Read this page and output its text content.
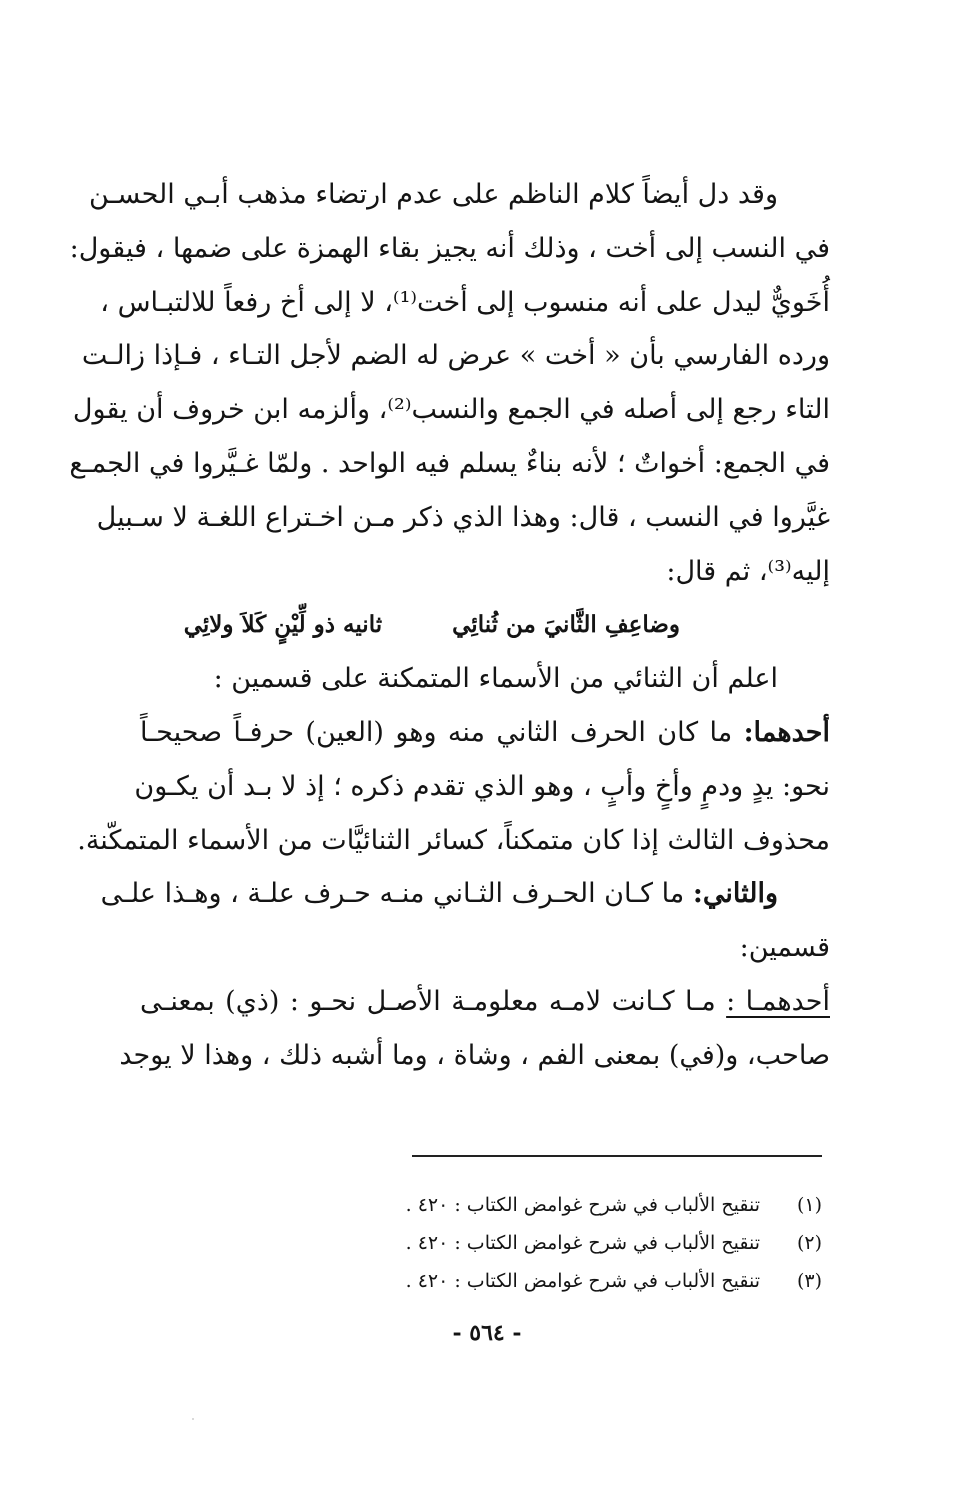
وقد دل أيضاً كلام الناظم على عدم ارتضاء مذهب أبـي الحسـن
في النسب إلى أخت ، وذلك أنه يجيز بقاء الهمزة على ضمها ، فيقول:
أُخَويٌّ ليدل على أنه منسوب إلى أخت⁽¹⁾، لا إلى أخ رفعاً للالتبـاس ،
ورده الفارسي بأن « أخت » عرض له الضم لأجل التـاء ، فـإذا زالـت
التاء رجع إلى أصله في الجمع والنسب⁽²⁾، وألزمه ابن خروف أن يقول
في الجمع: أخواتٌ ؛ لأنه بناءٌ يسلم فيه الواحد . ولمّا غـيَّروا في الجمـع
غيَّروا في النسب ، قال: وهذا الذي ذكر مـن اخـتراع اللغـة لا سـبيل
إليه⁽³⁾، ثم قال:
وضاعِفِ الثَّانيَ من ثُنائِي
ثانيه ذو لِّيْنٍ كَلاَ ولائِي
اعلم أن الثنائي من الأسماء المتمكنة على قسمين :
أحدهما: ما كان الحرف الثاني منه وهو (العين) حرفـاً صحيحـاً
نحو: يدٍ ودمٍ وأخٍ وأبٍ ، وهو الذي تقدم ذكره ؛ إذ لا بـد أن يكـون
محذوف الثالث إذا كان متمكناً، كسائر الثنائيَّات من الأسماء المتمكّنة.
والثاني: ما كـان الحـرف الثـاني منـه حـرف علـة ، وهـذا علـى
قسمين:
أحدهمـا : مـا كـانت لامـه معلومـة الأصـل نحـو : (ذي) بمعنـى
صاحب، و(في) بمعنى الفم ، وشاة ، وما أشبه ذلك ، وهذا لا يوجد
(١)تنقيح الألباب في شرح غوامض الكتاب : ٤٢٠ .
(٢)تنقيح الألباب في شرح غوامض الكتاب : ٤٢٠ .
(٣)تنقيح الألباب في شرح غوامض الكتاب : ٤٢٠ .
- ٥٦٤ -
